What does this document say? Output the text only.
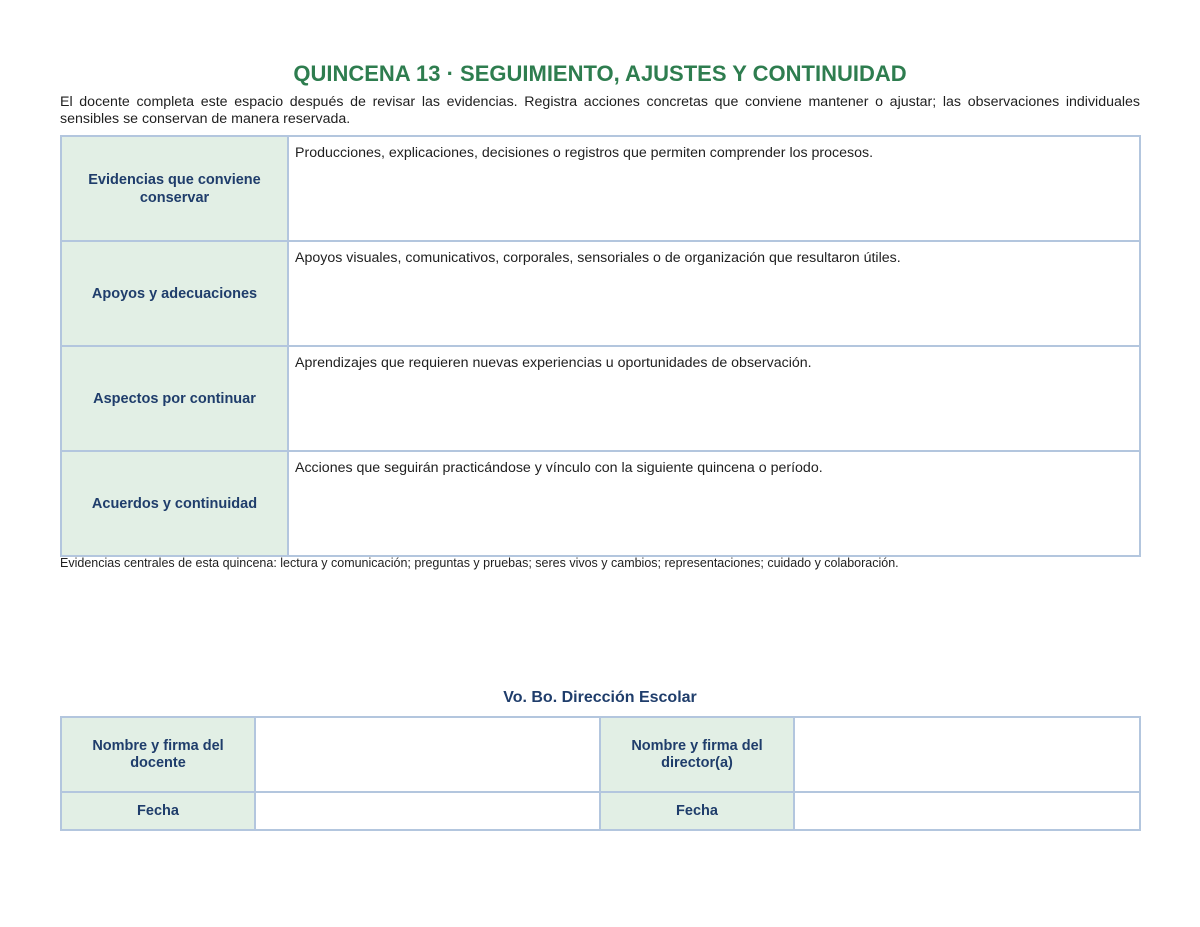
QUINCENA 13 · SEGUIMIENTO, AJUSTES Y CONTINUIDAD
El docente completa este espacio después de revisar las evidencias. Registra acciones concretas que conviene mantener o ajustar; las observaciones individuales sensibles se conservan de manera reservada.
Evidencias que conviene conservar	Producciones, explicaciones, decisiones o registros que permiten comprender los procesos.
Apoyos y adecuaciones	Apoyos visuales, comunicativos, corporales, sensoriales o de organización que resultaron útiles.
Aspectos por continuar	Aprendizajes que requieren nuevas experiencias u oportunidades de observación.
Acuerdos y continuidad	Acciones que seguirán practicándose y vínculo con la siguiente quincena o período.
Evidencias centrales de esta quincena: lectura y comunicación; preguntas y pruebas; seres vivos y cambios; representaciones; cuidado y colaboración.
Vo. Bo. Dirección Escolar
Nombre y firma del docente		Nombre y firma del director(a)	
Fecha		Fecha	
